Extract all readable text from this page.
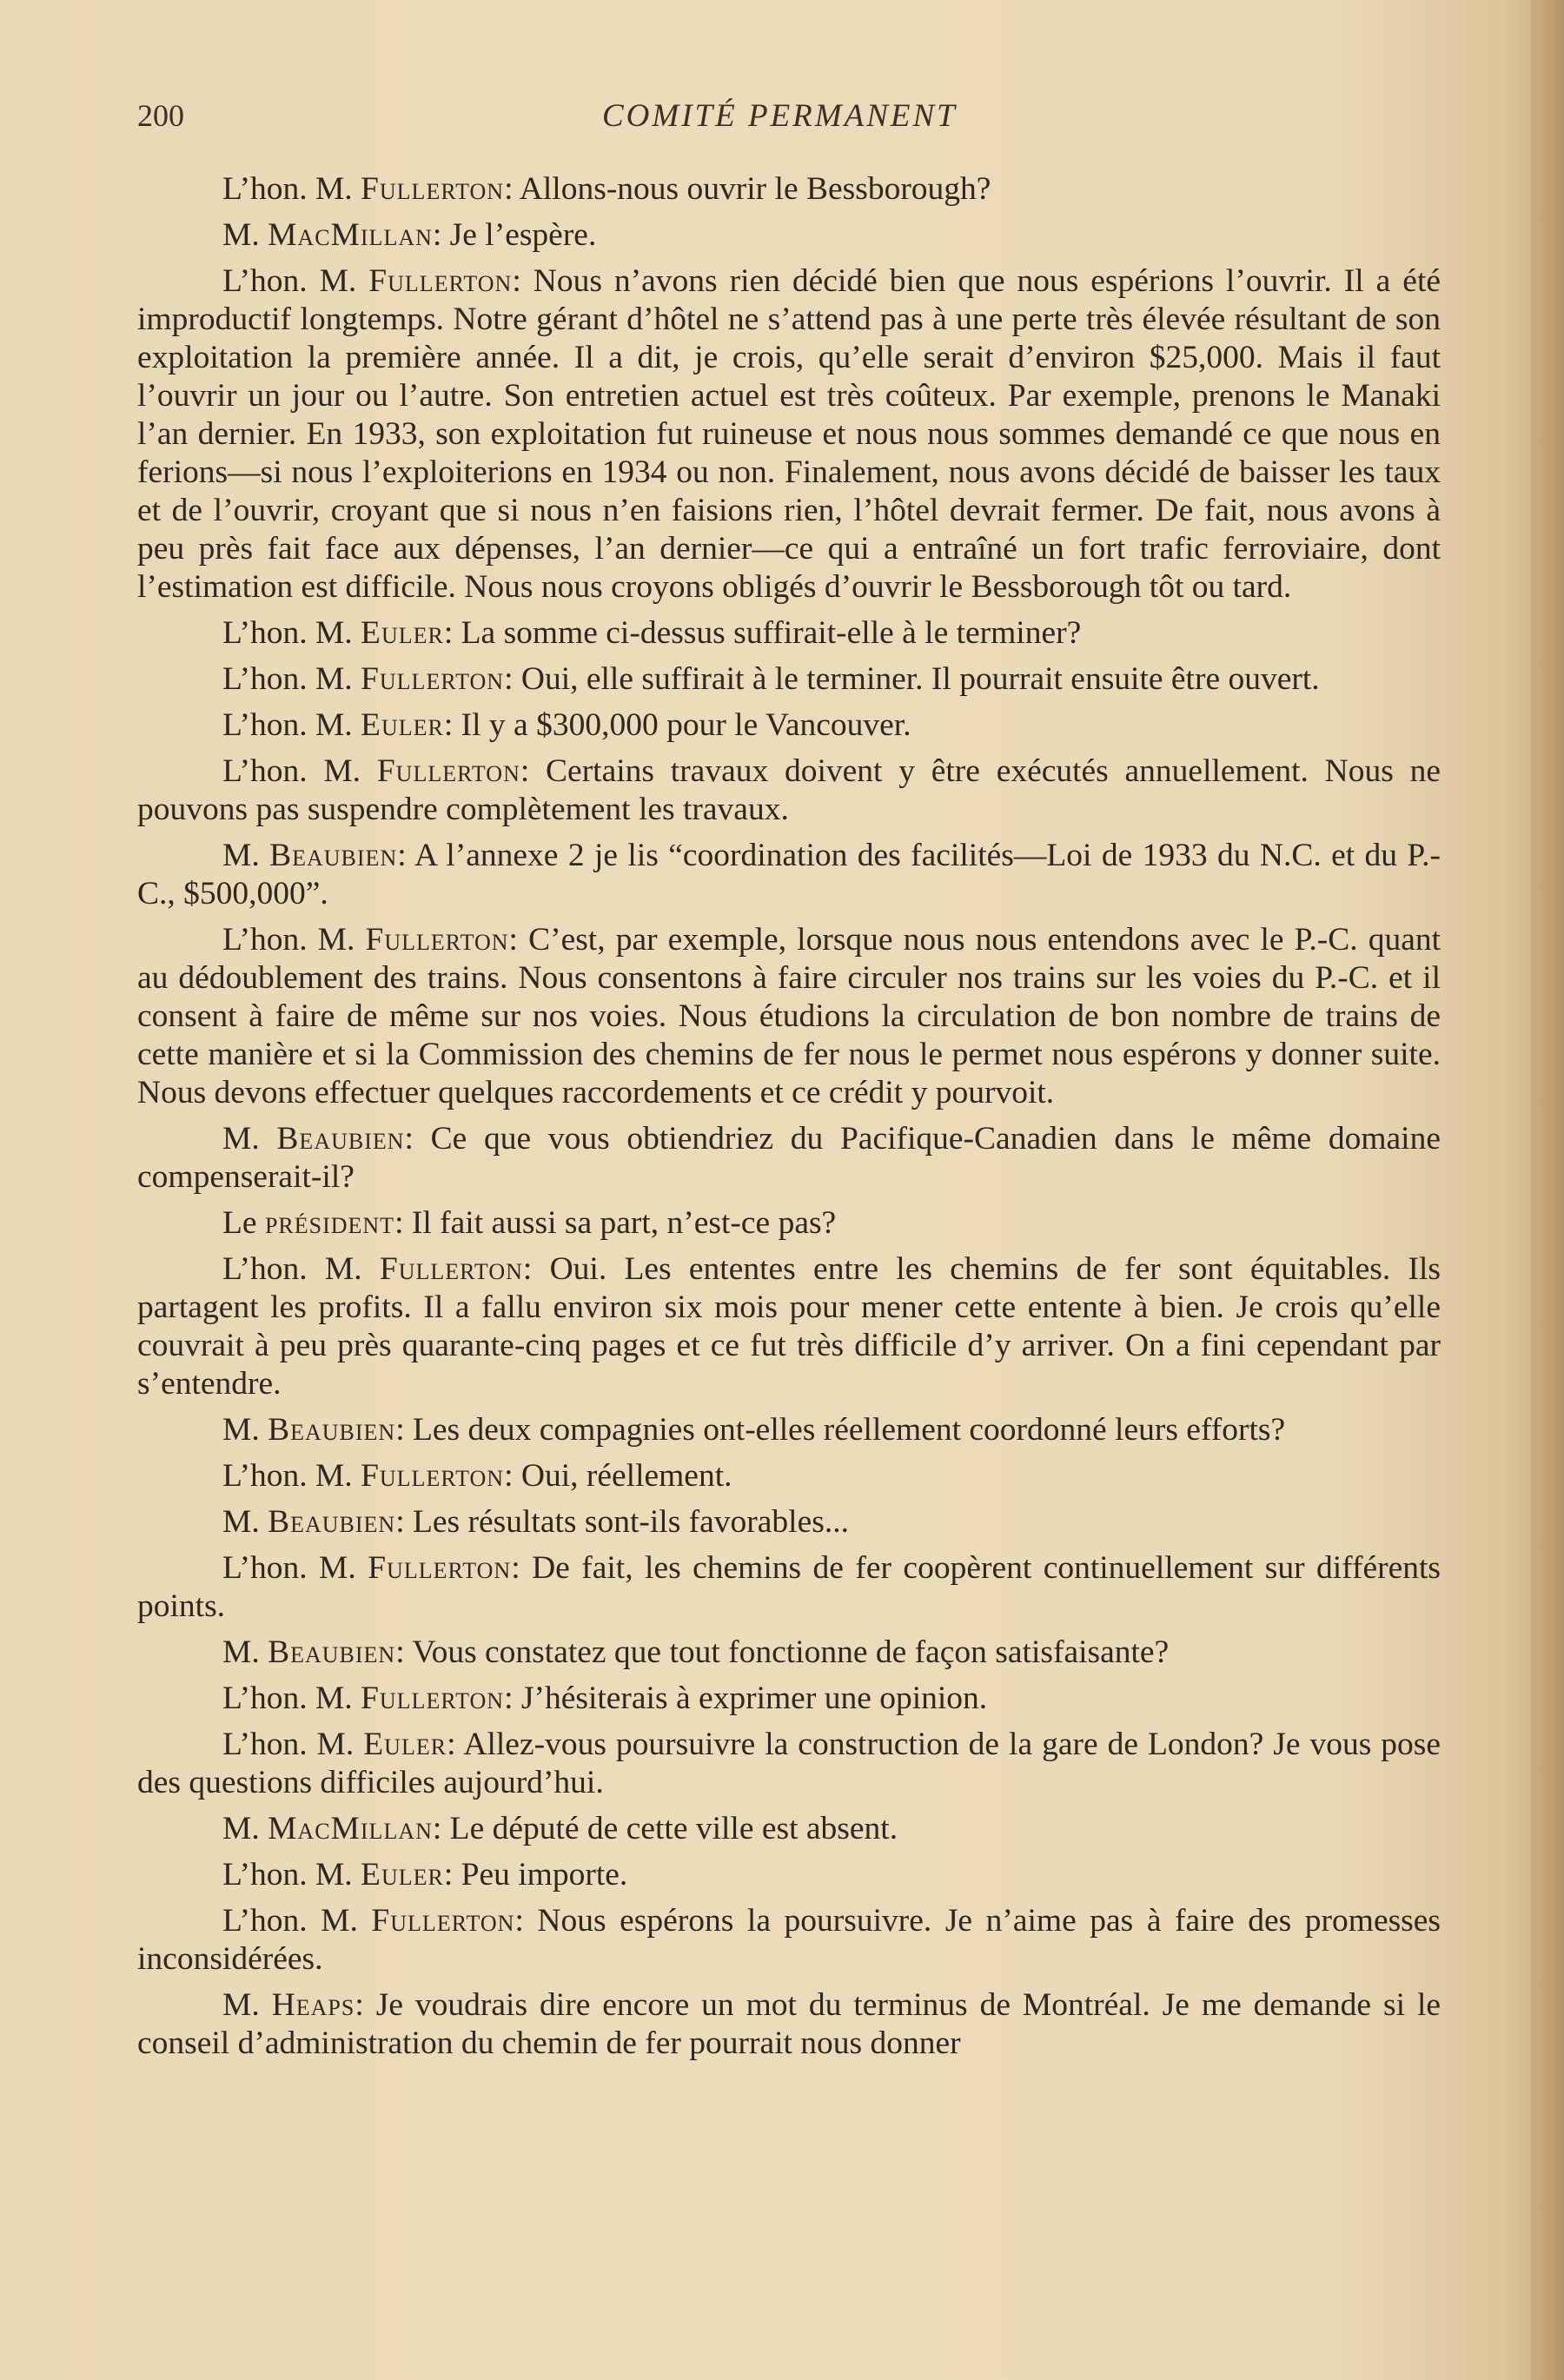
200	COMITÉ PERMANENT

L’hon. M. Fullerton: Allons-nous ouvrir le Bessborough?

M. MacMillan: Je l’espère.

L’hon. M. Fullerton: Nous n’avons rien décidé bien que nous espérions l’ouvrir. Il a été improductif longtemps. Notre gérant d’hôtel ne s’attend pas à une perte très élevée résultant de son exploitation la première année. Il a dit, je crois, qu’elle serait d’environ $25,000. Mais il faut l’ouvrir un jour ou l’autre. Son entretien actuel est très coûteux. Par exemple, prenons le Manaki l’an dernier. En 1933, son exploitation fut ruineuse et nous nous sommes demandé ce que nous en ferions—si nous l’exploiterions en 1934 ou non. Finalement, nous avons décidé de baisser les taux et de l’ouvrir, croyant que si nous n’en faisions rien, l’hôtel devrait fermer. De fait, nous avons à peu près fait face aux dépenses, l’an dernier—ce qui a entraîné un fort trafic ferroviaire, dont l’estimation est difficile. Nous nous croyons obligés d’ouvrir le Bessborough tôt ou tard.

L’hon. M. Euler: La somme ci-dessus suffirait-elle à le terminer?

L’hon. M. Fullerton: Oui, elle suffirait à le terminer. Il pourrait ensuite être ouvert.

L’hon. M. Euler: Il y a $300,000 pour le Vancouver.

L’hon. M. Fullerton: Certains travaux doivent y être exécutés annuellement. Nous ne pouvons pas suspendre complètement les travaux.

M. Beaubien: A l’annexe 2 je lis “coordination des facilités—Loi de 1933 du N.C. et du P.-C., $500,000”.

L’hon. M. Fullerton: C’est, par exemple, lorsque nous nous entendons avec le P.-C. quant au dédoublement des trains. Nous consentons à faire circuler nos trains sur les voies du P.-C. et il consent à faire de même sur nos voies. Nous étudions la circulation de bon nombre de trains de cette manière et si la Commission des chemins de fer nous le permet nous espérons y donner suite. Nous devons effectuer quelques raccordements et ce crédit y pourvoit.

M. Beaubien: Ce que vous obtiendriez du Pacifique-Canadien dans le même domaine compenserait-il?

Le président: Il fait aussi sa part, n’est-ce pas?

L’hon. M. Fullerton: Oui. Les ententes entre les chemins de fer sont équitables. Ils partagent les profits. Il a fallu environ six mois pour mener cette entente à bien. Je crois qu’elle couvrait à peu près quarante-cinq pages et ce fut très difficile d’y arriver. On a fini cependant par s’entendre.

M. Beaubien: Les deux compagnies ont-elles réellement coordonné leurs efforts?

L’hon. M. Fullerton: Oui, réellement.

M. Beaubien: Les résultats sont-ils favorables...

L’hon. M. Fullerton: De fait, les chemins de fer coopèrent continuellement sur différents points.

M. Beaubien: Vous constatez que tout fonctionne de façon satisfaisante?

L’hon. M. Fullerton: J’hésiterais à exprimer une opinion.

L’hon. M. Euler: Allez-vous poursuivre la construction de la gare de London? Je vous pose des questions difficiles aujourd’hui.

M. MacMillan: Le député de cette ville est absent.

L’hon. M. Euler: Peu importe.

L’hon. M. Fullerton: Nous espérons la poursuivre. Je n’aime pas à faire des promesses inconsidérées.

M. Heaps: Je voudrais dire encore un mot du terminus de Montréal. Je me demande si le conseil d’administration du chemin de fer pourrait nous donner
